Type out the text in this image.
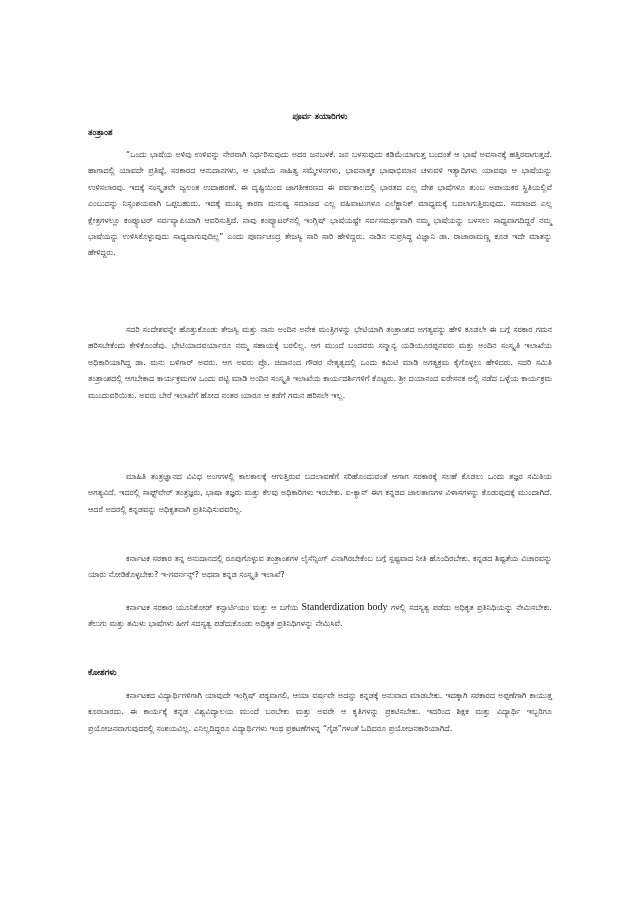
ಪೂರ್ವ ತಯಾರಿಗಳು
ತಂತ್ರಾಂಶ

“ಒಂದು ಭಾಷೆಯ ಅಳಿವು ಉಳಿವನ್ನು ನೇರವಾಗಿ ನಿರ್ಧರಿಸುವುದು ಅದರ ಜನಬಳಕೆ. ಜನ ಬಳಸುವುದು ಕಡಿಮೆಯಾಗುತ್ತ ಬಂದಂತೆ ಆ ಭಾಷೆ ಅವಸಾನಕ್ಕೆ ಹತ್ತಿರವಾಗುತ್ತದೆ. ಹಾಗಾದಲ್ಲಿ ಯಾವದೇ ಪ್ರತಿಷ್ಠೆ, ಸರಕಾರದ ಆನುದಾನಗಳು, ಆ ಭಾಷೆಯ ಸಾಹಿತ್ಯ ಸಮ್ಮೇಳನಗಳು, ಭಾವನಾತ್ಮಕ ಭಾಷಾಭಿಮಾನ ಚಳುವಳಿ ಇತ್ಯಾದಿಗಳು ಯಾವವೂ ಆ ಭಾಷೆಯನ್ನು ಉಳಿಸಲಾರವು. ಇದಕ್ಕೆ ಸಂಸ್ಕೃತವೇ ಜ್ವಲಂತ ಉದಾಹರಣೆ. ಈ ದೃಷ್ಟಿಯಿಂದ ಜಾಗತೀಕರಣದ ಈ ಪರ್ವಕಾಲದಲ್ಲಿ ಭಾರತದ ಎಲ್ಲ ದೇಶ ಭಾಷೆಗಳೂ ತುಂಬ ಅಪಾಯಕರ ಸ್ಥಿತಿಯಲ್ಲಿವೆ ಎಂಬುದನ್ನು ನಿಸ್ಸಂಶಯವಾಗಿ ಒಪ್ಪಬಹುದು. ಇದಕ್ಕೆ ಮುಖ್ಯ ಕಾರಣ ಮನುಷ್ಯ ಸಮಾಜದ ಎಲ್ಲ ವಹಿವಾಟುಗಳೂ ಎಲೆಕ್ಟ್ರಾನಿಕ್ ಮಾಧ್ಯಮಕ್ಕೆ ಬದಲಾಗುತ್ತಿರುವುದು. ಸಮಾಜದ ಎಲ್ಲ ಕ್ಷೇತ್ರಗಳಲ್ಲೂ ಕಂಪ್ಯೂಟರ್ ಸರ್ವವ್ಯಾಪಿಯಾಗಿ ಆವರಿಸುತ್ತಿದೆ. ನಾವು ಕಂಪ್ಯೂಟರ್‌ನಲ್ಲಿ ಇಂಗ್ಲಿಷ್ ಭಾಷೆಯಷ್ಟೇ ಸರ್ವಸಮರ್ಥವಾಗಿ ನಮ್ಮ ಭಾಷೆಯನ್ನು ಬಳಸಲು ಸಾಧ್ಯವಾಗದಿದ್ದರೆ ನಮ್ಮ ಭಾಷೆಯನ್ನು ಉಳಿಸಿಕೊಳ್ಳುವುದು ಸಾಧ್ಯವಾಗುವುದಿಲ್ಲ” ಎಂದು ಪೂರ್ಣಚಂದ್ರ ತೇಜಸ್ವಿ ಸಾರಿ ಸಾರಿ ಹೇಳಿದ್ದರು. ನಾಡಿನ ಸುಪ್ರಸಿದ್ಧ ವಿಜ್ಞಾನಿ ಡಾ. ರಾಜಾರಾಮಣ್ಣ ಕೂಡ ಇದೇ ಮಾತನ್ನು ಹೇಳಿದ್ದರು.

ಸದರಿ ಸಂದೇಶವನ್ನೇ ಹೊತ್ತುಕೊಂಡು ತೇಜಸ್ವಿ ಮತ್ತು ನಾನು ಅಂದಿನ ಅನೇಕ ಮಂತ್ರಿಗಳನ್ನು ಭೇಟಿಯಾಗಿ ತಂತ್ರಾಂಶದ ಅಗತ್ಯವನ್ನು ಹೇಳಿ ಕೂಡಲೇ ಈ ಬಗ್ಗೆ ಸರಕಾರ ಗಮನ ಹರಿಸಬೇಕೆಂದು ಕೇಳಿಕೊಂಡೆವು. ಭೇಟಿಯಾದವರ್ಯಾರೂ ನಮ್ಮ ಸಹಾಯಕ್ಕೆ ಬರಲಿಲ್ಲ. ಆಗ ಮುಂದೆ ಬಂದವರು ಸನ್ಮಾನ್ಯ ಯಡಿಯೂರಪ್ಪನವರು ಮತ್ತು ಅಂದಿನ ಸಂಸ್ಕೃತಿ ಇಲಾಖೆಯ ಅಧಿಕಾರಿಯಾಗಿದ್ದ ಡಾ. ಮನು ಬಳಿಗಾರ್ ಅವರು. ಆಗ ಅವರು ಪ್ರೊ. ಚಿದಾನಂದ ಗೌಡರ ನೇತೃತ್ವದಲ್ಲಿ ಒಂದು ಕಮಿಟಿ ಮಾಡಿ ಅಗತ್ಯಕ್ರಮ ಕೈಗೊಳ್ಳಲು ಹೇಳಿದರು. ಸದರಿ ಸಮಿತಿ ತಂತ್ರಾಂಶದಲ್ಲಿ ಆಗಬೇಕಾದ ಕಾರ್ಯಕ್ರಮಗಳ ಒಂದು ಪಟ್ಟಿ ಮಾಡಿ ಅಂದಿನ ಸಂಸ್ಕೃತಿ ಇಲಾಖೆಯ ಕಾರ್ಯದರ್ಶಿಗಳಿಗೆ ಕೊಟ್ಟರು. ಶ್ರೀ ದಯಾನಂದ ಐರೇಸನಕ ಅಲ್ಲಿ ನಡೆದ ಒಳ್ಳೆಯ ಕಾರ್ಯಕ್ರಮ ಮುಂದುವರಿಯಿತು. ಅವರು ಬೇರೆ ಇಲಾಖೆಗೆ ಹೋದ ನಂತರ ಯಾರೂ ಆ ಕಡೆಗೆ ಗಮನ ಹರಿಸಲೇ ಇಲ್ಲ.

ಮಾಹಿತಿ ತಂತ್ರಜ್ಞಾನದ ವಿವಿಧ ಅಂಗಗಳಲ್ಲಿ ಕಾಲಕಾಲಕ್ಕೆ ಆಗುತ್ತಿರುವ ಬದಲಾವಣೆಗೆ ಸರಿಹೊಂದುವಂತೆ ಆಗಾಗ ಸರಕಾರಕ್ಕೆ ಸಲಹೆ ಕೊಡಲು ಒಂದು ತಜ್ಞರ ಸಮಿತಿಯ ಅಗತ್ಯವಿದೆ. ಇದರಲ್ಲಿ ಸಾಫ್ಟ್‌ವೇರ್ ತಂತ್ರಜ್ಞರು, ಭಾಷಾ ತಜ್ಞರು ಮತ್ತು ಕೆಲವು ಅಧಿಕಾರಿಗಳು ಇರಬೇಕು. ಐ-ಕ್ಯಾನ್ ಈಗ ಕನ್ನಡದ ಜಾಲತಾಣಗಳ ವಿಳಾಸಗಳನ್ನು ಕೊಡುವುದಕ್ಕೆ ಮುಂದಾಗಿದೆ. ಆದರೆ ಅದರಲ್ಲಿ ಕನ್ನಡವನ್ನು ಅಧಿಕೃತವಾಗಿ ಪ್ರತಿನಿಧಿಸುವವರಿಲ್ಲ.

ಕರ್ನಾಟಕ ಸರಕಾರ ತನ್ನ ಅನುದಾನದಲ್ಲಿ ರೂಪುಗೊಳ್ಳುವ ತಂತ್ರಾಂಶಗಳ ಲೈಸೆನ್ಸಿಂಗ್ ವಿನಾಗಿರಬೇಕೆಂಬ ಬಗ್ಗೆ ಸ್ಪಷ್ಟವಾದ ನೀತಿ ಹೊಂದಿರಬೇಕು. ಕನ್ನಡದ ಶಿಷ್ಟತೆಯ ವಿಚಾರವನ್ನು ಯಾರು ನೋಡಿಕೊಳ್ಳಬೇಕು? ಇ-ಗವರ್ನನ್ಸ್? ಅಥವಾ ಕನ್ನಡ ಸಂಸ್ಕೃತಿ ಇಲಾಖೆ?

ಕರ್ನಾಟಕ ಸರಕಾರ ಯೂನಿಕೋಡ್ ಕನ್ಸಾರ್ಟಿಯಂ ಮತ್ತು ಆ ಬಗೆಯ Standerdization body ಗಳಲ್ಲಿ ಸದಸ್ಯತ್ವ ಪಡೆದು ಅಧಿಕೃತ ಪ್ರತಿನಿಧಿಯನ್ನು ನೇಮಿಸಬೇಕು. ತೆಲುಗು ಮತ್ತು ತಮಿಳು ಭಾಷೆಗಳು ಹೀಗೆ ಸದಸ್ಯತ್ವ ಪಡೆದುಕೊಂಡು ಅಧಿಕೃತ ಪ್ರತಿನಿಧಿಗಳನ್ನು ನೇಮಿಸಿವೆ.

ಕೋಶಗಳು

ಕರ್ನಾಟಕದ ವಿದ್ಯಾರ್ಥಿಗಳಿಗಾಗಿ ಯಾವುದೇ ಇಂಗ್ಲಿಷ್ ಪಠ್ಯವಾಗಲಿ, ಆಯಾ ವರ್ಷವೇ ಅದನ್ನು ಕನ್ನಡಕ್ಕೆ ಅನುವಾದ ಮಾಡಬೇಕು. ಇದಕ್ಕಾಗಿ ಸರಕಾರದ ಅಪ್ಪಣೆಗಾಗಿ ಕಾಯುತ್ತ ಕೂರಬಾರದು. ಈ ಕಾರ್ಯಕ್ಕೆ ಕನ್ನಡ ವಿಶ್ವವಿದ್ಯಾಲಯ ಮುಂದೆ ಬರಬೇಕು ಮತ್ತು ಅವರೇ ಆ ಕೃತಿಗಳನ್ನು ಪ್ರಕಟಿಸಬೇಕು. ಇದರಿಂದ ಶಿಕ್ಷಕ ಮತ್ತು ವಿದ್ಯಾರ್ಥಿ ಇಬ್ಬರಿಗೂ ಪ್ರಯೋಜನವಾಗುವುದರಲ್ಲಿ ಸಂಶಯವಿಲ್ಲ. ಎನಿಲ್ಲದಿದ್ದರೂ ವಿದ್ಯಾರ್ಥಿಗಳು ಇಂಥ ಪ್ರಕಟಣೆಗಳನ್ನ “ಗೈಡ”ಗಳಂತೆ ಓದಿದರೂ ಪ್ರಯೋಜನಕಾರಿಯಾಗಿದೆ.
